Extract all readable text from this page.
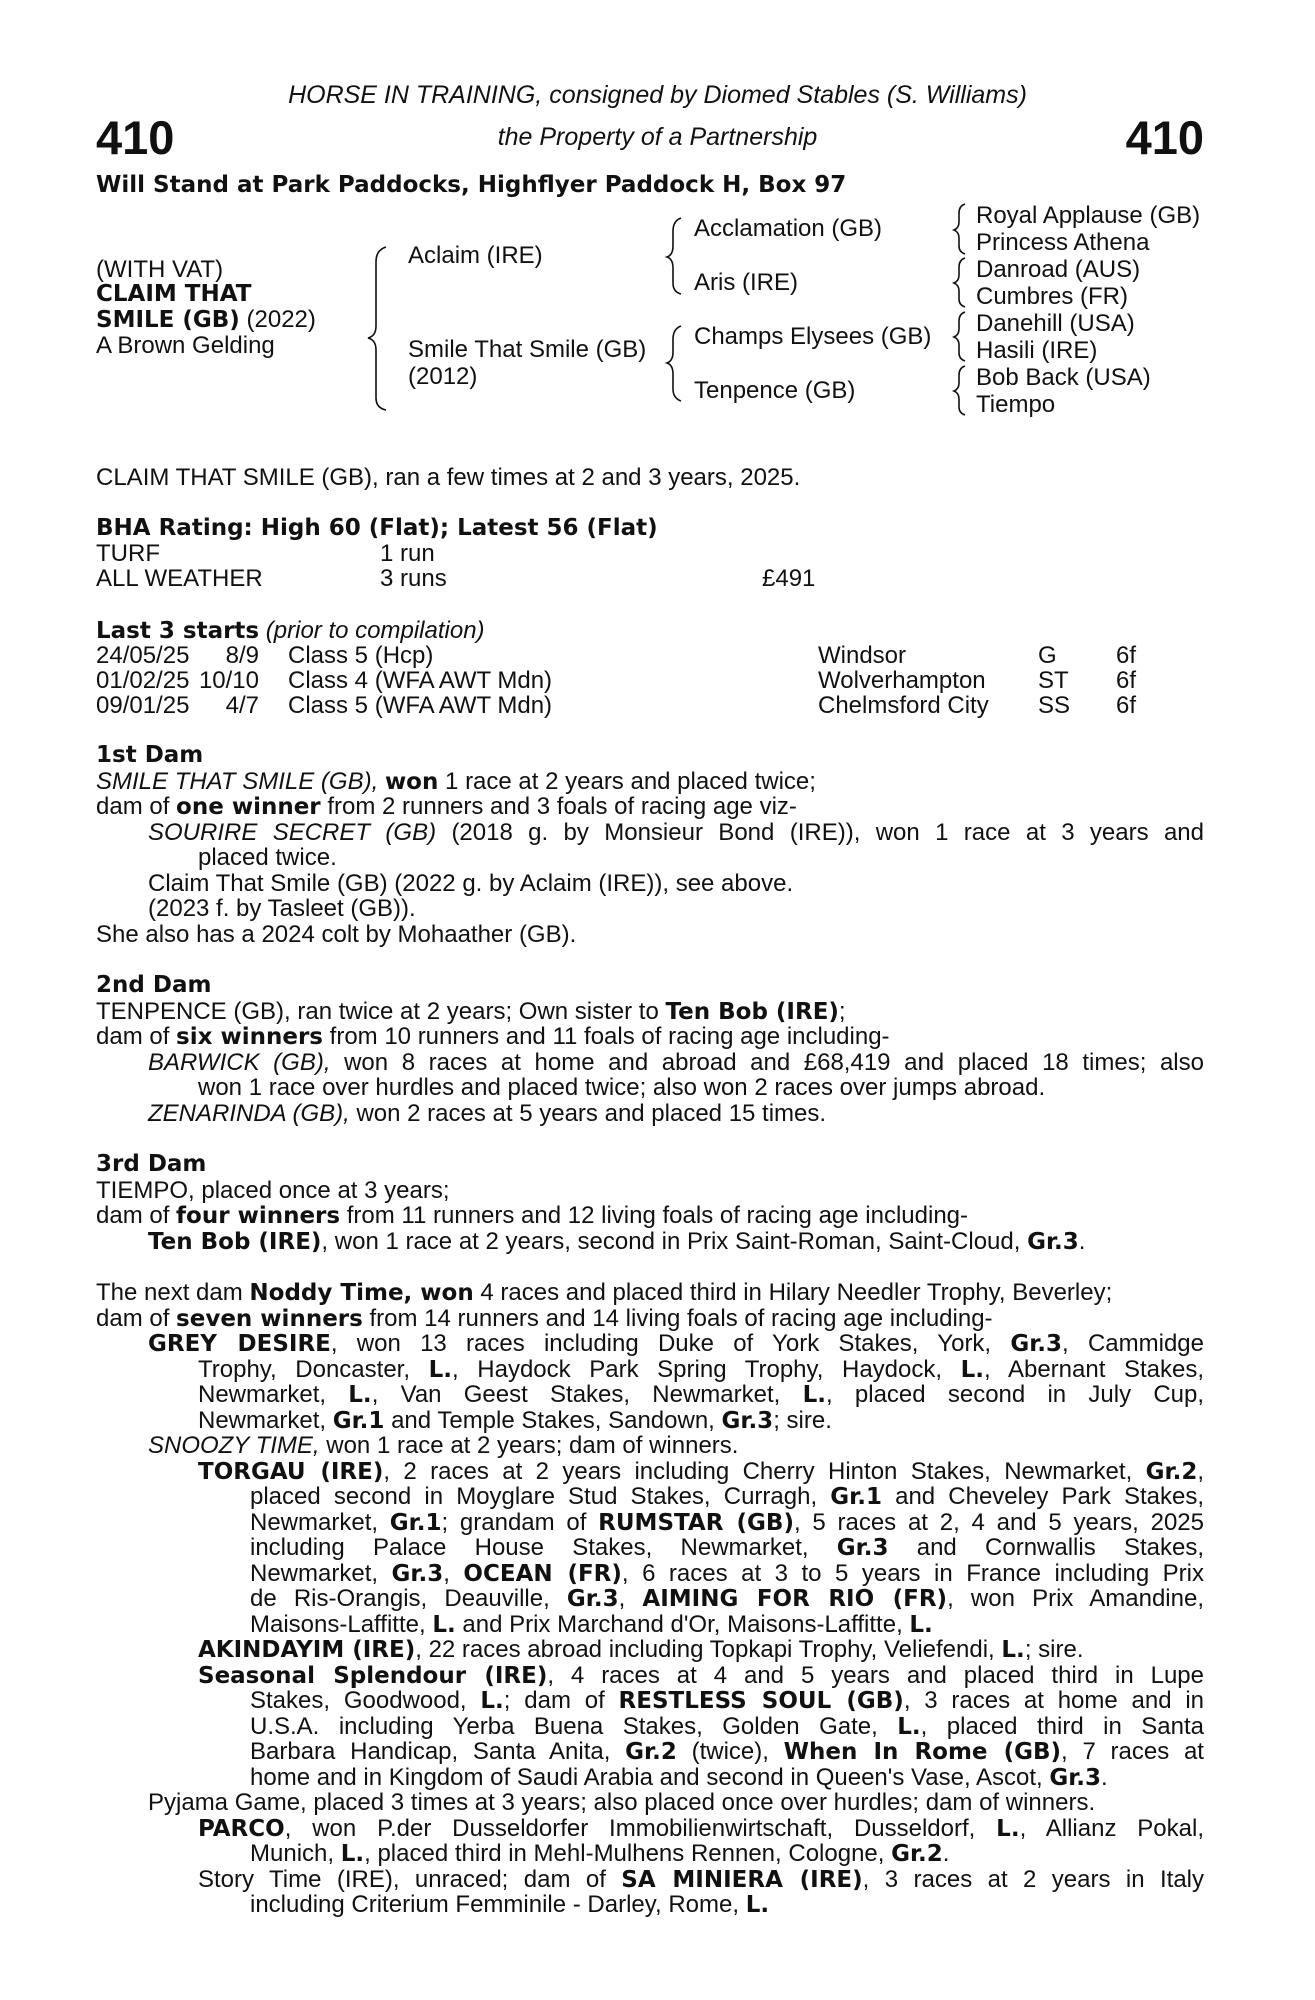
410	410
HORSE IN TRAINING, consigned by Diomed Stables (S. Williams)
the Property of a Partnership
Will Stand at Park Paddocks, Highflyer Paddock H, Box 97
(WITH VAT)
CLAIM THAT
SMILE (GB) (2022)
A Brown Gelding
Aclaim (IRE)
Smile That Smile (GB)
(2012)
Acclamation (GB)
Aris (IRE)
Champs Elysees (GB)
Tenpence (GB)
Royal Applause (GB)
Princess Athena
Danroad (AUS)
Cumbres (FR)
Danehill (USA)
Hasili (IRE)
Bob Back (USA)
Tiempo
CLAIM THAT SMILE (GB), ran a few times at 2 and 3 years, 2025.
BHA Rating: High 60 (Flat); Latest 56 (Flat)
TURF	1 run
ALL WEATHER	3 runs	£491
Last 3 starts (prior to compilation)
24/05/25	8/9 Class 5 (Hcp)	Windsor	G 6f
01/02/25 10/10 Class 4 (WFA AWT Mdn)	Wolverhampton ST 6f
09/01/25	4/7 Class 5 (WFA AWT Mdn)	Chelmsford City SS 6f
1st Dam
SMILE THAT SMILE (GB), won 1 race at 2 years and placed twice;
dam of one winner from 2 runners and 3 foals of racing age viz-
SOURIRE SECRET (GB) (2018 g. by Monsieur Bond (IRE)), won 1 race at 3 years and
placed twice.
Claim That Smile (GB) (2022 g. by Aclaim (IRE)), see above.
(2023 f. by Tasleet (GB)).
She also has a 2024 colt by Mohaather (GB).
2nd Dam
TENPENCE (GB), ran twice at 2 years; Own sister to Ten Bob (IRE);
dam of six winners from 10 runners and 11 foals of racing age including-
BARWICK (GB), won 8 races at home and abroad and £68,419 and placed 18 times; also
won 1 race over hurdles and placed twice; also won 2 races over jumps abroad.
ZENARINDA (GB), won 2 races at 5 years and placed 15 times.
3rd Dam
TIEMPO, placed once at 3 years;
dam of four winners from 11 runners and 12 living foals of racing age including-
Ten Bob (IRE), won 1 race at 2 years, second in Prix Saint-Roman, Saint-Cloud, Gr.3.
The next dam Noddy Time, won 4 races and placed third in Hilary Needler Trophy, Beverley;
dam of seven winners from 14 runners and 14 living foals of racing age including-
GREY DESIRE, won 13 races including Duke of York Stakes, York, Gr.3, Cammidge
Trophy, Doncaster, L., Haydock Park Spring Trophy, Haydock, L., Abernant Stakes,
Newmarket, L., Van Geest Stakes, Newmarket, L., placed second in July Cup,
Newmarket, Gr.1 and Temple Stakes, Sandown, Gr.3; sire.
SNOOZY TIME, won 1 race at 2 years; dam of winners.
TORGAU (IRE), 2 races at 2 years including Cherry Hinton Stakes, Newmarket, Gr.2,
placed second in Moyglare Stud Stakes, Curragh, Gr.1 and Cheveley Park Stakes,
Newmarket, Gr.1; grandam of RUMSTAR (GB), 5 races at 2, 4 and 5 years, 2025
including Palace House Stakes, Newmarket, Gr.3 and Cornwallis Stakes,
Newmarket, Gr.3, OCEAN (FR), 6 races at 3 to 5 years in France including Prix
de Ris-Orangis, Deauville, Gr.3, AIMING FOR RIO (FR), won Prix Amandine,
Maisons-Laffitte, L. and Prix Marchand d'Or, Maisons-Laffitte, L.
AKINDAYIM (IRE), 22 races abroad including Topkapi Trophy, Veliefendi, L.; sire.
Seasonal Splendour (IRE), 4 races at 4 and 5 years and placed third in Lupe
Stakes, Goodwood, L.; dam of RESTLESS SOUL (GB), 3 races at home and in
U.S.A. including Yerba Buena Stakes, Golden Gate, L., placed third in Santa
Barbara Handicap, Santa Anita, Gr.2 (twice), When In Rome (GB), 7 races at
home and in Kingdom of Saudi Arabia and second in Queen's Vase, Ascot, Gr.3.
Pyjama Game, placed 3 times at 3 years; also placed once over hurdles; dam of winners.
PARCO, won P.der Dusseldorfer Immobilienwirtschaft, Dusseldorf, L., Allianz Pokal,
Munich, L., placed third in Mehl-Mulhens Rennen, Cologne, Gr.2.
Story Time (IRE), unraced; dam of SA MINIERA (IRE), 3 races at 2 years in Italy
including Criterium Femminile - Darley, Rome, L.
